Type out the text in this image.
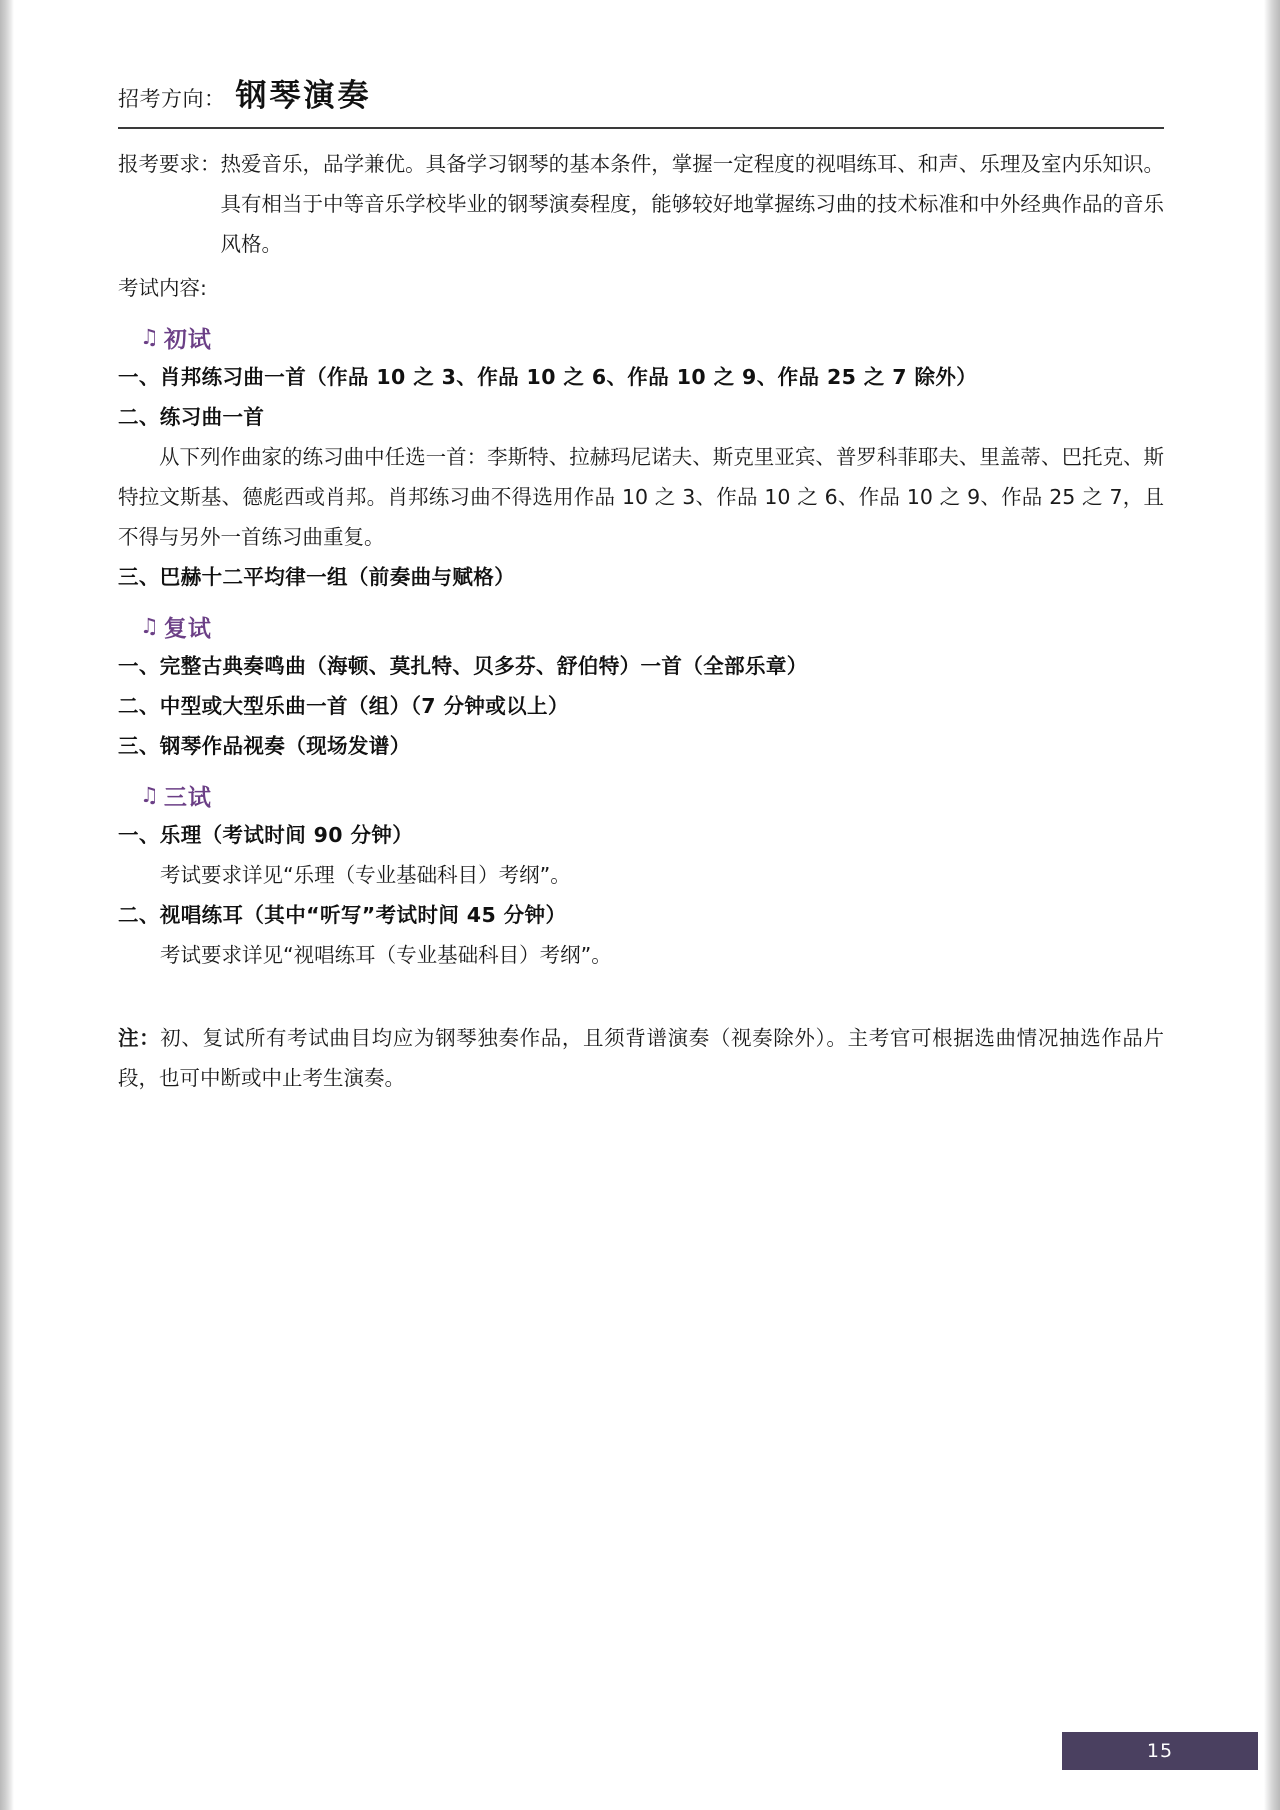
招考方向： 钢琴演奏
报考要求： 热爱音乐，品学兼优。具备学习钢琴的基本条件，掌握一定程度的视唱练耳、和声、乐理及室内乐知识。具有相当于中等音乐学校毕业的钢琴演奏程度，能够较好地掌握练习曲的技术标准和中外经典作品的音乐风格。
考试内容:
♫ 初试
一、肖邦练习曲一首（作品 10 之 3、作品 10 之 6、作品 10 之 9、作品 25 之 7 除外）
二、练习曲一首
从下列作曲家的练习曲中任选一首：李斯特、拉赫玛尼诺夫、斯克里亚宾、普罗科菲耶夫、里盖蒂、巴托克、斯特拉文斯基、德彪西或肖邦。肖邦练习曲不得选用作品 10 之 3、作品 10 之 6、作品 10 之 9、作品 25 之 7，且不得与另外一首练习曲重复。
三、巴赫十二平均律一组（前奏曲与赋格）
♫ 复试
一、完整古典奏鸣曲（海顿、莫扎特、贝多芬、舒伯特）一首（全部乐章）
二、中型或大型乐曲一首（组）（7 分钟或以上）
三、钢琴作品视奏（现场发谱）
♫ 三试
一、乐理（考试时间 90 分钟）
考试要求详见“乐理（专业基础科目）考纲”。
二、视唱练耳（其中“听写”考试时间 45 分钟）
考试要求详见“视唱练耳（专业基础科目）考纲”。
注：初、复试所有考试曲目均应为钢琴独奏作品，且须背谱演奏（视奏除外）。主考官可根据选曲情况抽选作品片段，也可中断或中止考生演奏。
15
